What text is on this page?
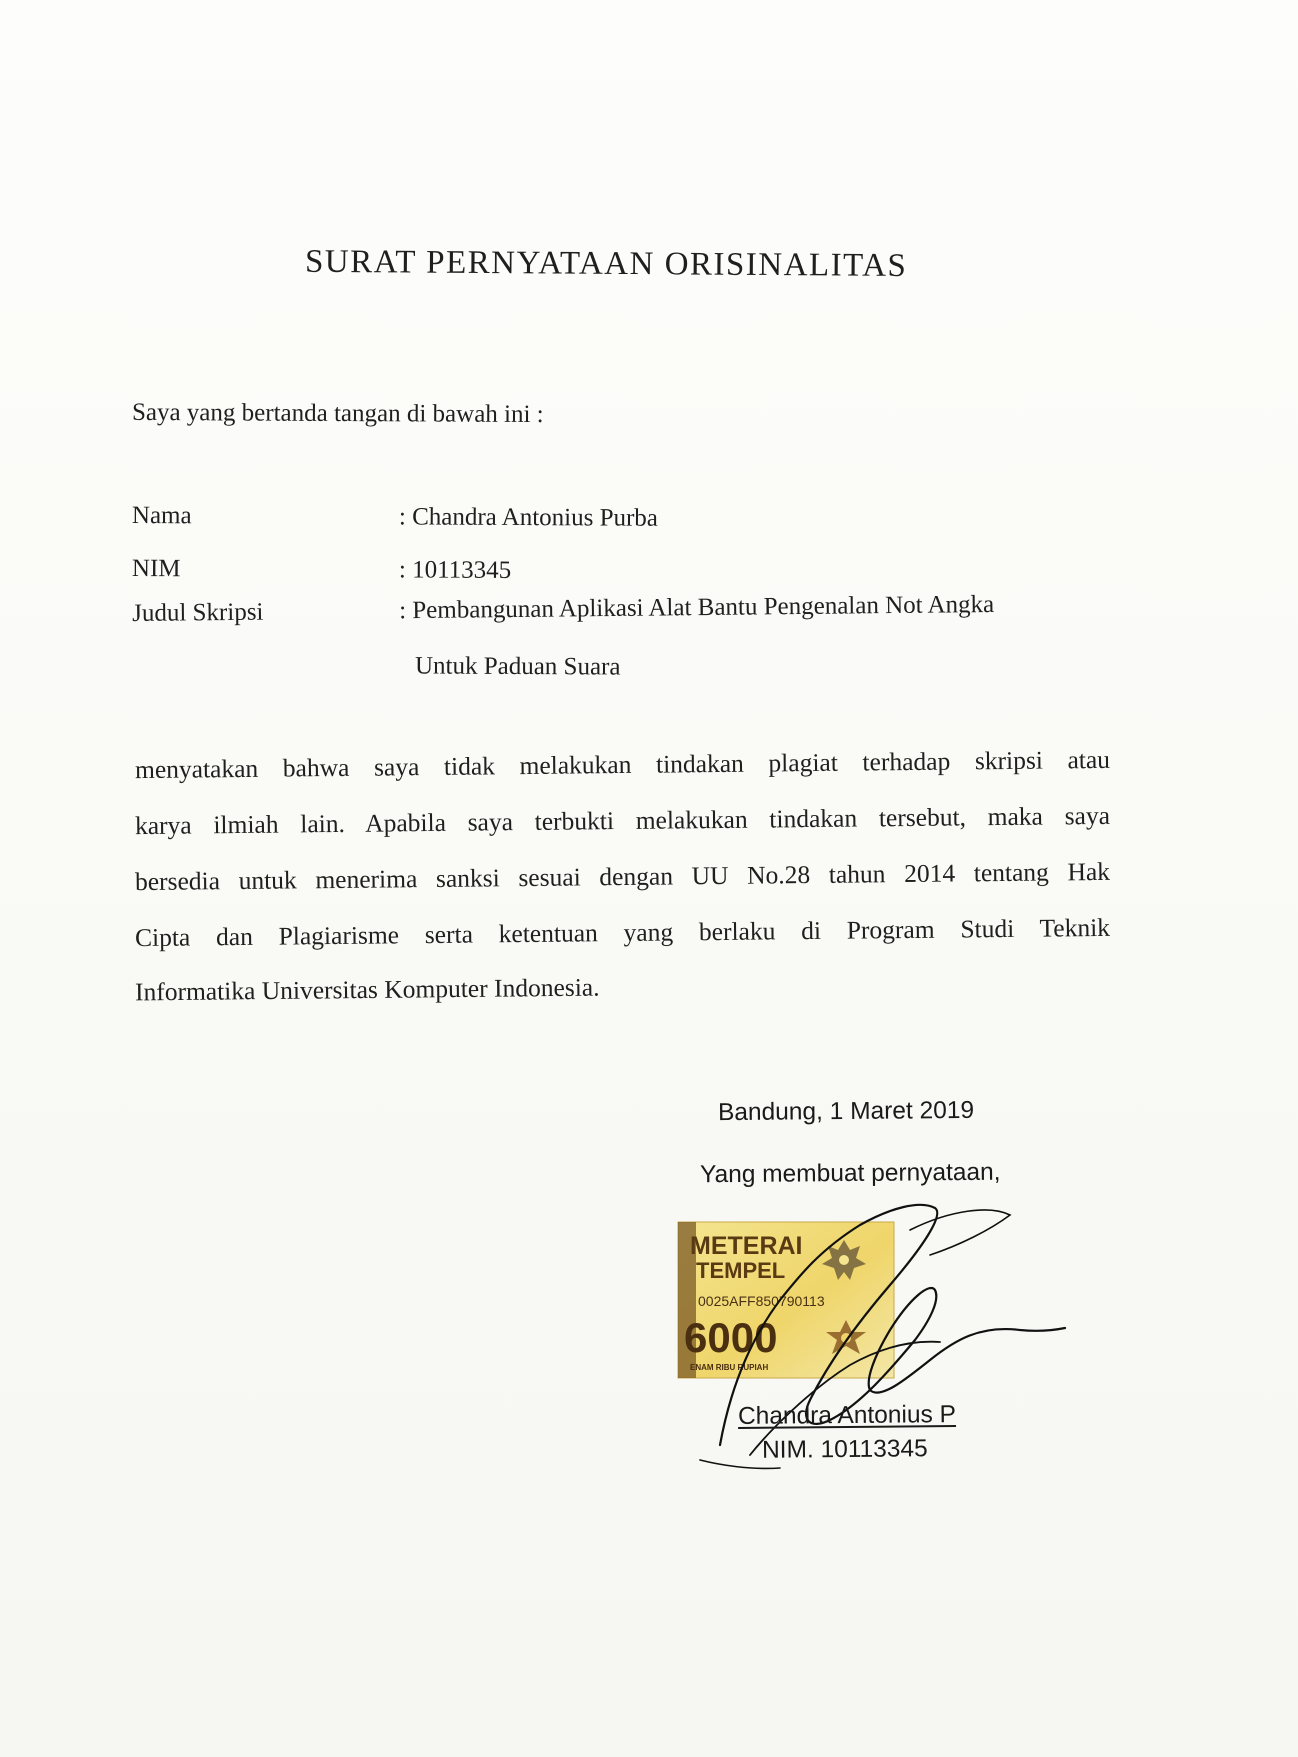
SURAT PERNYATAAN ORISINALITAS
Saya yang bertanda tangan di bawah ini :
Nama	: Chandra Antonius Purba
NIM	: 10113345
Judul Skripsi	: Pembangunan Aplikasi Alat Bantu Pengenalan Not Angka
Untuk Paduan Suara
menyatakan bahwa saya tidak melakukan tindakan plagiat terhadap skripsi atau
karya ilmiah lain. Apabila saya terbukti melakukan tindakan tersebut, maka saya
bersedia untuk menerima sanksi sesuai dengan UU No.28 tahun 2014 tentang Hak
Cipta dan Plagiarisme serta ketentuan yang berlaku di Program Studi Teknik
Informatika Universitas Komputer Indonesia.
Bandung, 1 Maret 2019
Yang membuat pernyataan,
METERAI
TEMPEL
0025AFF850790113
6000
ENAM RIBU RUPIAH
Chandra Antonius P
NIM. 10113345
